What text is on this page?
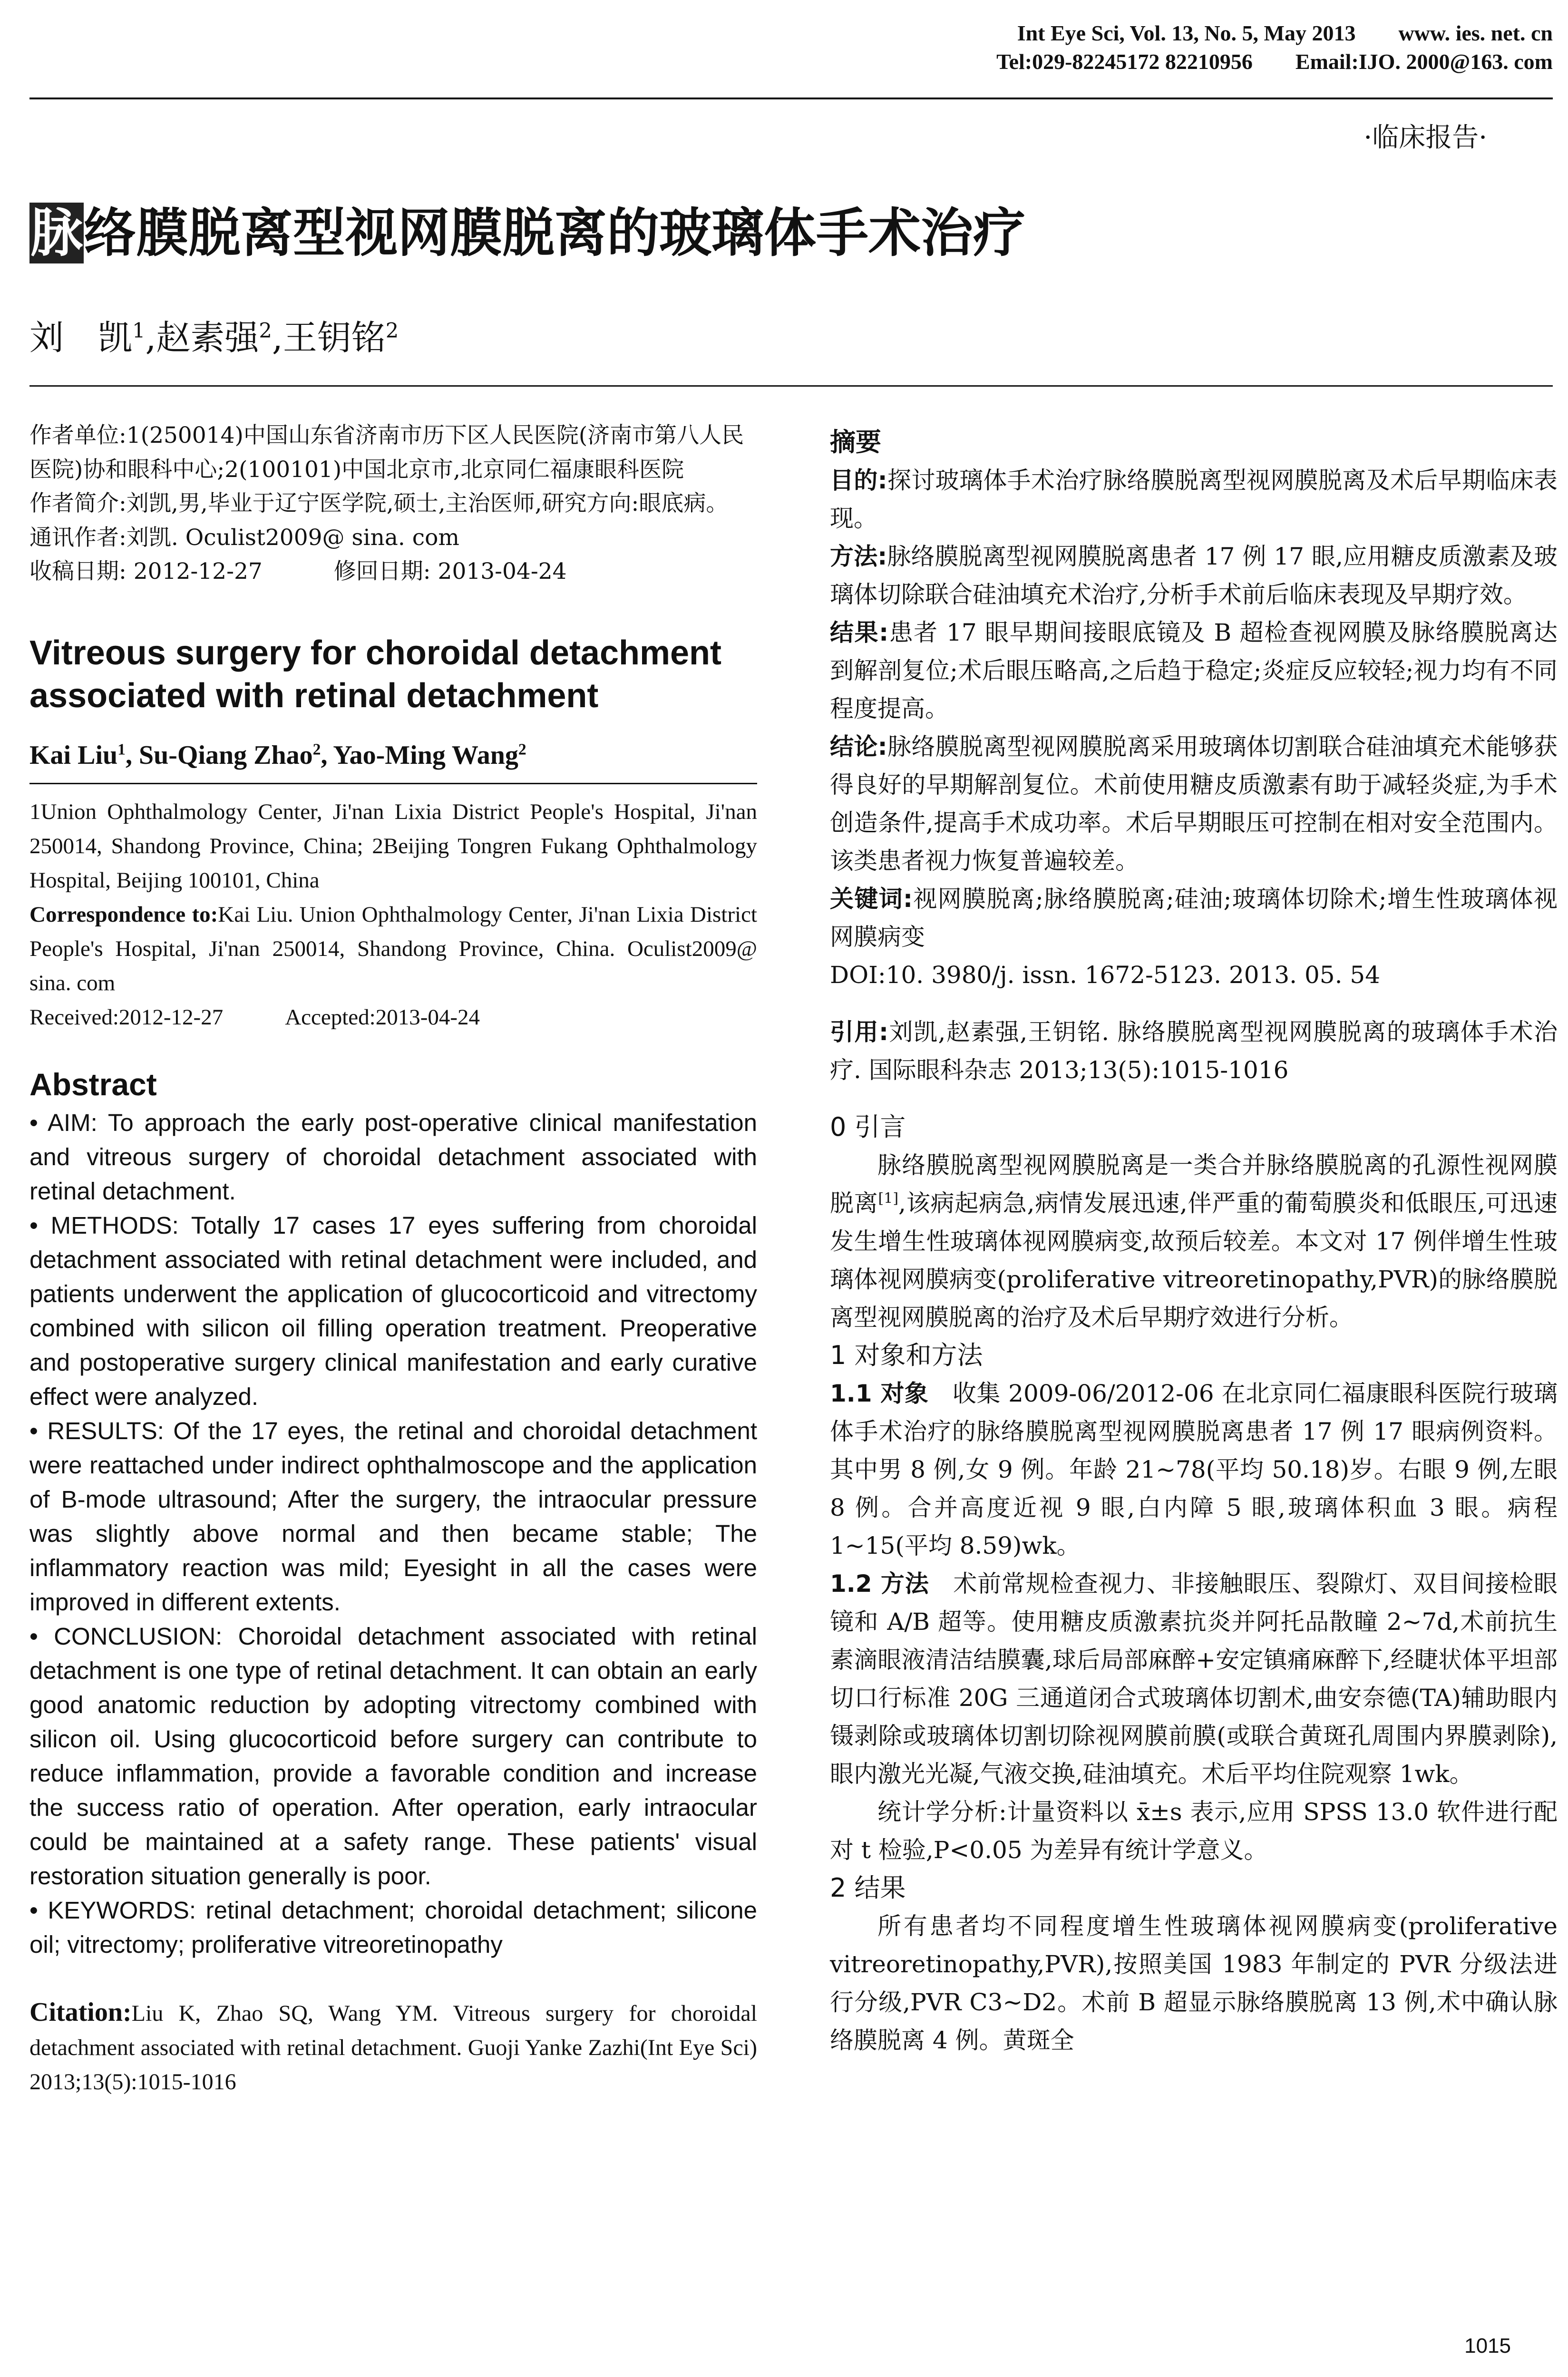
Int Eye Sci, Vol. 13, No. 5, May 2013 www. ies. net. cn
Tel:029-82245172 82210956 Email:IJO. 2000@163. com
·临床报告·
脉络膜脱离型视网膜脱离的玻璃体手术治疗
刘　凯$^1$,赵素强$^2$,王钥铭$^2$

作者单位:1(250014)中国山东省济南市历下区人民医院(济南市第八人民医院)协和眼科中心;2(100101)中国北京市,北京同仁福康眼科医院

作者简介:刘凯,男,毕业于辽宁医学院,硕士,主治医师,研究方向:眼底病。

通讯作者:刘凯. Oculist2009@ sina. com

收稿日期: 2012-12-27	修回日期: 2013-04-24

Vitreous surgery for choroidal detachment associated with retinal detachment

Kai Liu$^1$, Su-Qiang Zhao$^2$, Yao-Ming Wang$^2$

1Union Ophthalmology Center, Ji'nan Lixia District People's Hospital, Ji'nan 250014, Shandong Province, China; 2Beijing Tongren Fukang Ophthalmology Hospital, Beijing 100101, China

Correspondence to:Kai Liu. Union Ophthalmology Center, Ji'nan Lixia District People's Hospital, Ji'nan 250014, Shandong Province, China. Oculist2009@ sina. com

Received:2012-12-27	Accepted:2013-04-24

Abstract

• AIM: To approach the early post-operative clinical manifestation and vitreous surgery of choroidal detachment associated with retinal detachment.

• METHODS: Totally 17 cases 17 eyes suffering from choroidal detachment associated with retinal detachment were included, and patients underwent the application of glucocorticoid and vitrectomy combined with silicon oil filling operation treatment. Preoperative and postoperative surgery clinical manifestation and early curative effect were analyzed.

• RESULTS: Of the 17 eyes, the retinal and choroidal detachment were reattached under indirect ophthalmoscope and the application of B-mode ultrasound; After the surgery, the intraocular pressure was slightly above normal and then became stable; The inflammatory reaction was mild; Eyesight in all the cases were improved in different extents.

• CONCLUSION: Choroidal detachment associated with retinal detachment is one type of retinal detachment. It can obtain an early good anatomic reduction by adopting vitrectomy combined with silicon oil. Using glucocorticoid before surgery can contribute to reduce inflammation, provide a favorable condition and increase the success ratio of operation. After operation, early intraocular could be maintained at a safety range. These patients' visual restoration situation generally is poor.

• KEYWORDS: retinal detachment; choroidal detachment; silicone oil; vitrectomy; proliferative vitreoretinopathy

Citation:Liu K, Zhao SQ, Wang YM. Vitreous surgery for choroidal detachment associated with retinal detachment. Guoji Yanke Zazhi(Int Eye Sci) 2013;13(5):1015-1016

摘要

目的:探讨玻璃体手术治疗脉络膜脱离型视网膜脱离及术后早期临床表现。

方法:脉络膜脱离型视网膜脱离患者 17 例 17 眼,应用糖皮质激素及玻璃体切除联合硅油填充术治疗,分析手术前后临床表现及早期疗效。

结果:患者 17 眼早期间接眼底镜及 B 超检查视网膜及脉络膜脱离达到解剖复位;术后眼压略高,之后趋于稳定;炎症反应较轻;视力均有不同程度提高。

结论:脉络膜脱离型视网膜脱离采用玻璃体切割联合硅油填充术能够获得良好的早期解剖复位。术前使用糖皮质激素有助于减轻炎症,为手术创造条件,提高手术成功率。术后早期眼压可控制在相对安全范围内。该类患者视力恢复普遍较差。

关键词:视网膜脱离;脉络膜脱离;硅油;玻璃体切除术;增生性玻璃体视网膜病变

DOI:10. 3980/j. issn. 1672-5123. 2013. 05. 54

引用:刘凯,赵素强,王钥铭. 脉络膜脱离型视网膜脱离的玻璃体手术治疗. 国际眼科杂志 2013;13(5):1015-1016

0 引言

脉络膜脱离型视网膜脱离是一类合并脉络膜脱离的孔源性视网膜脱离[1],该病起病急,病情发展迅速,伴严重的葡萄膜炎和低眼压,可迅速发生增生性玻璃体视网膜病变,故预后较差。本文对 17 例伴增生性玻璃体视网膜病变(proliferative vitreoretinopathy,PVR)的脉络膜脱离型视网膜脱离的治疗及术后早期疗效进行分析。

1 对象和方法

1.1 对象 收集 2009-06/2012-06 在北京同仁福康眼科医院行玻璃体手术治疗的脉络膜脱离型视网膜脱离患者 17 例 17 眼病例资料。其中男 8 例,女 9 例。年龄 21~78(平均 50.18)岁。右眼 9 例,左眼 8 例。合并高度近视 9 眼,白内障 5 眼,玻璃体积血 3 眼。病程 1~15(平均 8.59)wk。

1.2 方法 术前常规检查视力、非接触眼压、裂隙灯、双目间接检眼镜和 A/B 超等。使用糖皮质激素抗炎并阿托品散瞳 2~7d,术前抗生素滴眼液清洁结膜囊,球后局部麻醉+安定镇痛麻醉下,经睫状体平坦部切口行标准 20G 三通道闭合式玻璃体切割术,曲安奈德(TA)辅助眼内镊剥除或玻璃体切割切除视网膜前膜(或联合黄斑孔周围内界膜剥除),眼内激光光凝,气液交换,硅油填充。术后平均住院观察 1wk。

统计学分析:计量资料以 x̄±s 表示,应用 SPSS 13.0 软件进行配对 t 检验,P<0.05 为差异有统计学意义。

2 结果

所有患者均不同程度增生性玻璃体视网膜病变(proliferative vitreoretinopathy,PVR),按照美国 1983 年制定的 PVR 分级法进行分级,PVR C3~D2。术前 B 超显示脉络膜脱离 13 例,术中确认脉络膜脱离 4 例。黄斑全

1015
